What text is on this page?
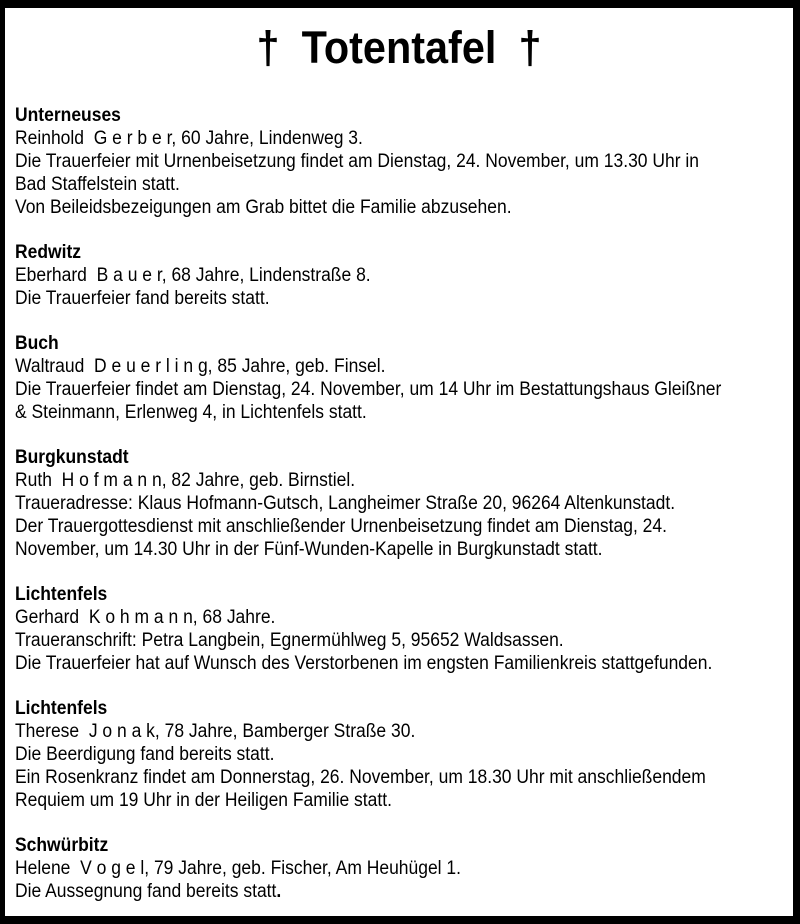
† Totentafel †
Unterneuses
Reinhold  G e r b e r, 60 Jahre, Lindenweg 3.
Die Trauerfeier mit Urnenbeisetzung findet am Dienstag, 24. November, um 13.30 Uhr in
Bad Staffelstein statt.
Von Beileidsbezeigungen am Grab bittet die Familie abzusehen.
Redwitz
Eberhard  B a u e r, 68 Jahre, Lindenstraße 8.
Die Trauerfeier fand bereits statt.
Buch
Waltraud  D e u e r l i n g, 85 Jahre, geb. Finsel.
Die Trauerfeier findet am Dienstag, 24. November, um 14 Uhr im Bestattungshaus Gleißner
& Steinmann, Erlenweg 4, in Lichtenfels statt.
Burgkunstadt
Ruth  H o f m a n n, 82 Jahre, geb. Birnstiel.
Traueradresse: Klaus Hofmann-Gutsch, Langheimer Straße 20, 96264 Altenkunstadt.
Der Trauergottesdienst mit anschließender Urnenbeisetzung findet am Dienstag, 24.
November, um 14.30 Uhr in der Fünf-Wunden-Kapelle in Burgkunstadt statt.
Lichtenfels
Gerhard  K o h m a n n, 68 Jahre.
Traueranschrift: Petra Langbein, Egnermühlweg 5, 95652 Waldsassen.
Die Trauerfeier hat auf Wunsch des Verstorbenen im engsten Familienkreis stattgefunden.
Lichtenfels
Therese  J o n a k, 78 Jahre, Bamberger Straße 30.
Die Beerdigung fand bereits statt.
Ein Rosenkranz findet am Donnerstag, 26. November, um 18.30 Uhr mit anschließendem
Requiem um 19 Uhr in der Heiligen Familie statt.
Schwürbitz
Helene  V o g e l, 79 Jahre, geb. Fischer, Am Heuhügel 1.
Die Aussegnung fand bereits statt.
